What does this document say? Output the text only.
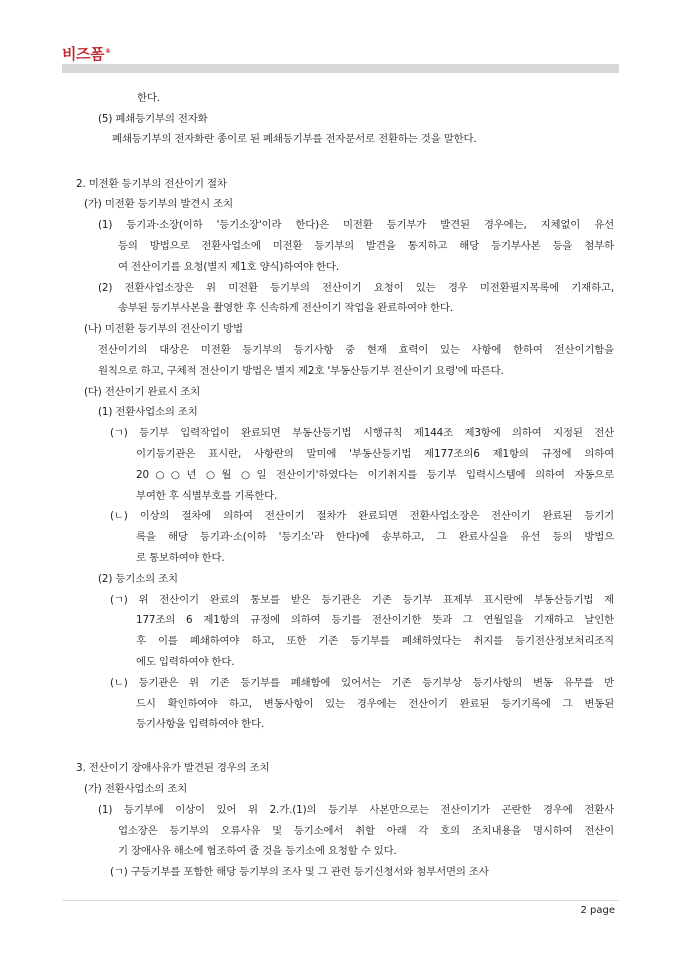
비즈폼®
한다.
(5) 폐쇄등기부의 전자화
폐쇄등기부의 전자화란 종이로 된 폐쇄등기부를 전자문서로 전환하는 것을 말한다.
2. 미전환 등기부의 전산이기 절차
(가) 미전환 등기부의 발견시 조치
(1) 등기과·소장(이하 '등기소장'이라 한다)은 미전환 등기부가 발견된 경우에는, 지체없이 유선
등의 방법으로 전환사업소에 미전환 등기부의 발견을 통지하고 해당 등기부사본 등을 첨부하
여 전산이기를 요청(별지 제1호 양식)하여야 한다.
(2) 전환사업소장은 위 미전환 등기부의 전산이기 요청이 있는 경우 미전환필지목록에 기재하고,
송부된 등기부사본을 촬영한 후 신속하게 전산이기 작업을 완료하여야 한다.
(나) 미전환 등기부의 전산이기 방법
전산이기의 대상은 미전환 등기부의 등기사항 중 현재 효력이 있는 사항에 한하여 전산이기함을
원칙으로 하고, 구체적 전산이기 방법은 별지 제2호 '부동산등기부 전산이기 요령'에 따른다.
(다) 전산이기 완료시 조치
(1) 전환사업소의 조치
(ㄱ) 등기부 입력작업이 완료되면 부동산등기법 시행규칙 제144조 제3항에 의하여 지정된 전산
이기등기관은 표시란, 사항란의 말미에 '부동산등기법 제177조의6 제1항의 규정에 의하여
20○○년 ○월 ○일 전산이기'하였다는 이기취지를 등기부 입력시스템에 의하여 자동으로
부여한 후 식별부호를 기록한다.
(ㄴ) 이상의 절차에 의하여 전산이기 절차가 완료되면 전환사업소장은 전산이기 완료된 등기기
록을 해당 등기과·소(이하 '등기소'라 한다)에 송부하고, 그 완료사실을 유선 등의 방법으
로 통보하여야 한다.
(2) 등기소의 조치
(ㄱ) 위 전산이기 완료의 통보를 받은 등기관은 기존 등기부 표제부 표시란에 부동산등기법 제
177조의 6 제1항의 규정에 의하여 등기를 전산이기한 뜻과 그 연월일을 기재하고 날인한
후 이를 폐쇄하여야 하고, 또한 기존 등기부를 폐쇄하였다는 취지를 등기전산정보처리조직
에도 입력하여야 한다.
(ㄴ) 등기관은 위 기존 등기부를 폐쇄함에 있어서는 기존 등기부상 등기사항의 변동 유무를 반
드시 확인하여야 하고, 변동사항이 있는 경우에는 전산이기 완료된 등기기록에 그 변동된
등기사항을 입력하여야 한다.
3. 전산이기 장애사유가 발견된 경우의 조치
(가) 전환사업소의 조치
(1) 등기부에 이상이 있어 위 2.가.(1)의 등기부 사본만으로는 전산이기가 곤란한 경우에 전환사
업소장은 등기부의 오류사유 및 등기소에서 취할 아래 각 호의 조치내용을 명시하여 전산이
기 장애사유 해소에 협조하여 줄 것을 등기소에 요청할 수 있다.
(ㄱ) 구등기부를 포함한 해당 등기부의 조사 및 그 관련 등기신청서와 첨부서면의 조사
2 page
